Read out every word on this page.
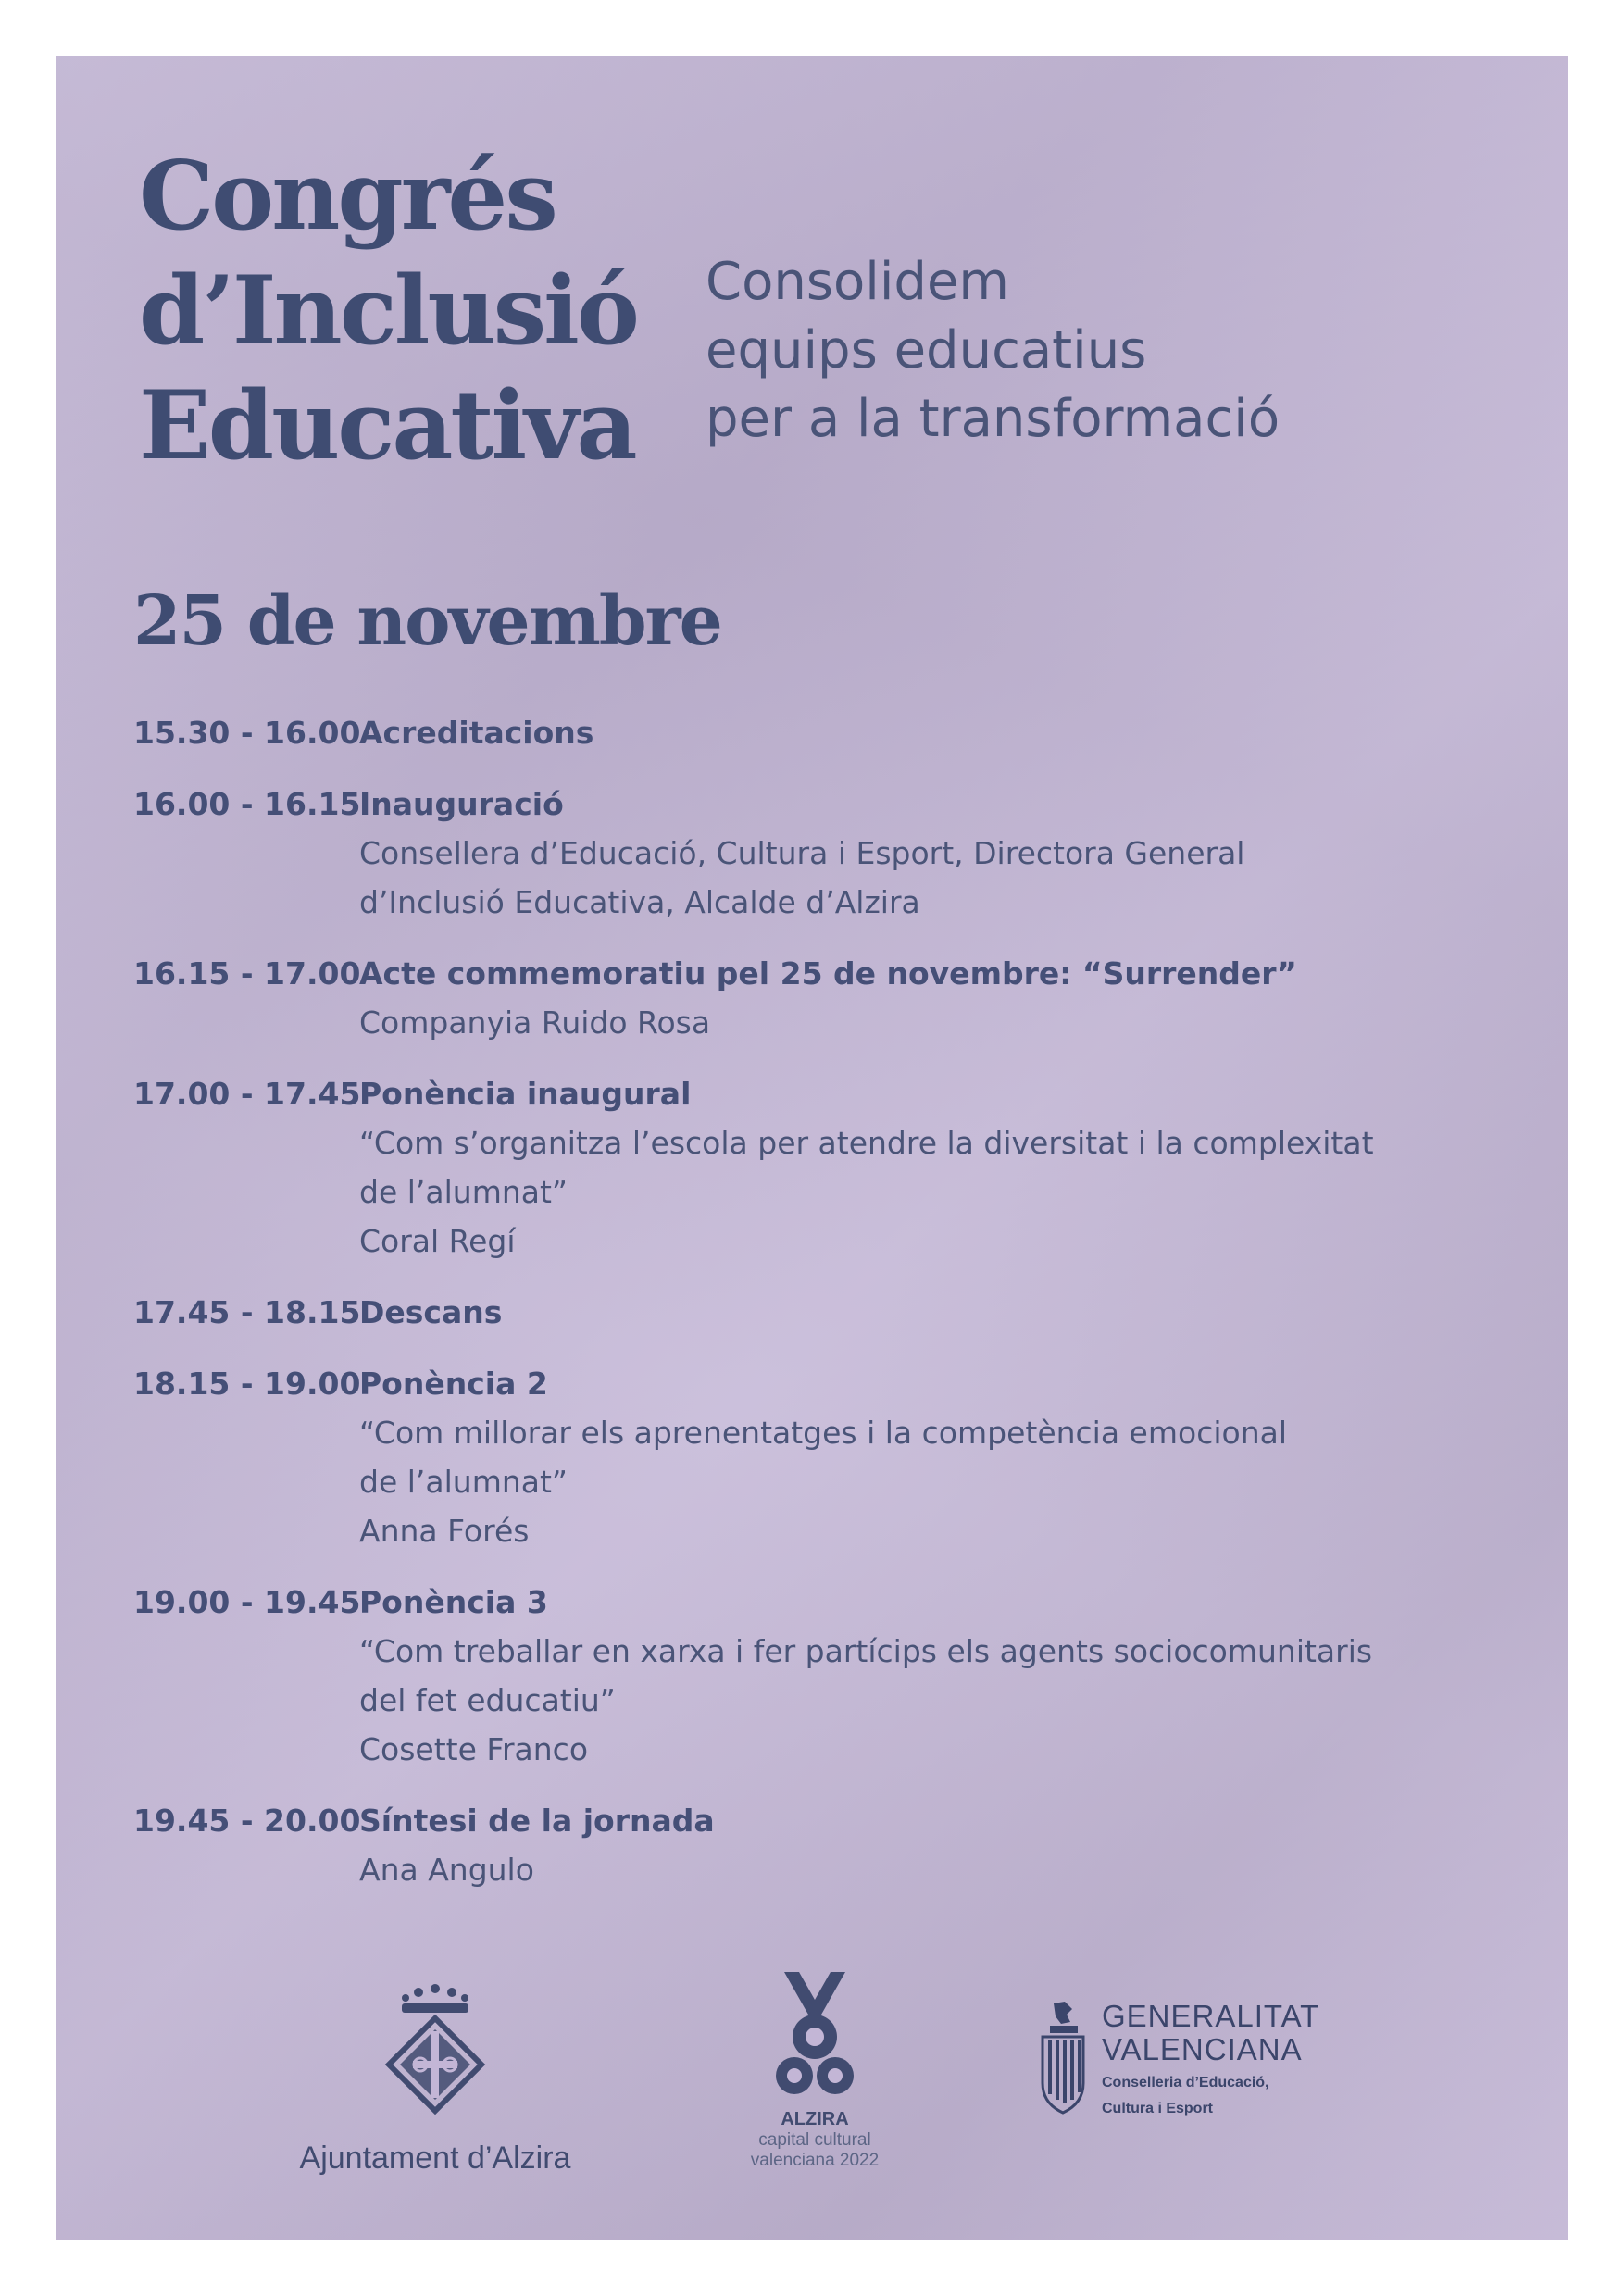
Congrés
d’Inclusió
Educativa
Consolidem
equips educatius
per a la transformació
25 de novembre
15.30 - 16.00
Acreditacions
16.00 - 16.15
Inauguració
Consellera d’Educació, Cultura i Esport, Directora General
d’Inclusió Educativa, Alcalde d’Alzira
16.15 - 17.00
Acte commemoratiu pel 25 de novembre: “Surrender”
Companyia Ruido Rosa
17.00 - 17.45
Ponència inaugural
“Com s’organitza l’escola per atendre la diversitat i la complexitat
de l’alumnat”
Coral Regí
17.45 - 18.15
Descans
18.15 - 19.00
Ponència 2
“Com millorar els aprenentatges i la competència emocional
de l’alumnat”
Anna Forés
19.00 - 19.45
Ponència 3
“Com treballar en xarxa i fer partícips els agents sociocomunitaris
del fet educatiu”
Cosette Franco
19.45 - 20.00
Síntesi de la jornada
Ana Angulo
Ajuntament d’Alzira
ALZIRA
capital cultural
valenciana 2022
GENERALITAT
VALENCIANA
Conselleria d’Educació,
Cultura i Esport
